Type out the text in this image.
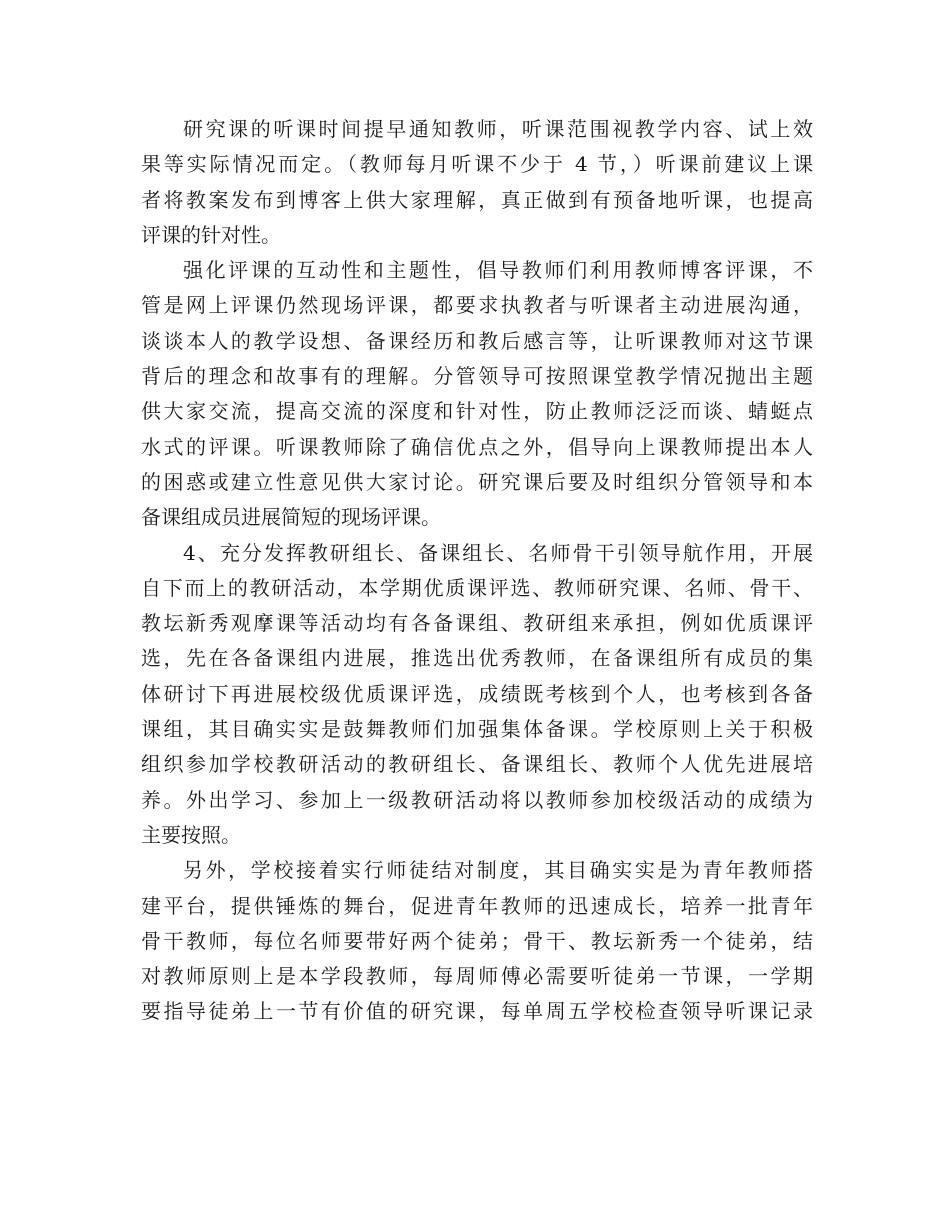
研究课的听课时间提早通知教师，听课范围视教学内容、试上效
果等实际情况而定。（教师每月听课不少于 4 节，）听课前建议上课
者将教案发布到博客上供大家理解，真正做到有预备地听课，也提高
评课的针对性。
强化评课的互动性和主题性，倡导教师们利用教师博客评课，不
管是网上评课仍然现场评课，都要求执教者与听课者主动进展沟通，
谈谈本人的教学设想、备课经历和教后感言等，让听课教师对这节课
背后的理念和故事有的理解。分管领导可按照课堂教学情况抛出主题
供大家交流，提高交流的深度和针对性，防止教师泛泛而谈、蜻蜓点
水式的评课。听课教师除了确信优点之外，倡导向上课教师提出本人
的困惑或建立性意见供大家讨论。研究课后要及时组织分管领导和本
备课组成员进展简短的现场评课。
4、充分发挥教研组长、备课组长、名师骨干引领导航作用，开展
自下而上的教研活动，本学期优质课评选、教师研究课、名师、骨干、
教坛新秀观摩课等活动均有各备课组、教研组来承担，例如优质课评
选，先在各备课组内进展，推选出优秀教师，在备课组所有成员的集
体研讨下再进展校级优质课评选，成绩既考核到个人，也考核到各备
课组，其目确实实是鼓舞教师们加强集体备课。学校原则上关于积极
组织参加学校教研活动的教研组长、备课组长、教师个人优先进展培
养。外出学习、参加上一级教研活动将以教师参加校级活动的成绩为
主要按照。
另外，学校接着实行师徒结对制度，其目确实实是为青年教师搭
建平台，提供锤炼的舞台，促进青年教师的迅速成长，培养一批青年
骨干教师，每位名师要带好两个徒弟；骨干、教坛新秀一个徒弟，结
对教师原则上是本学段教师，每周师傅必需要听徒弟一节课，一学期
要指导徒弟上一节有价值的研究课，每单周五学校检查领导听课记录
